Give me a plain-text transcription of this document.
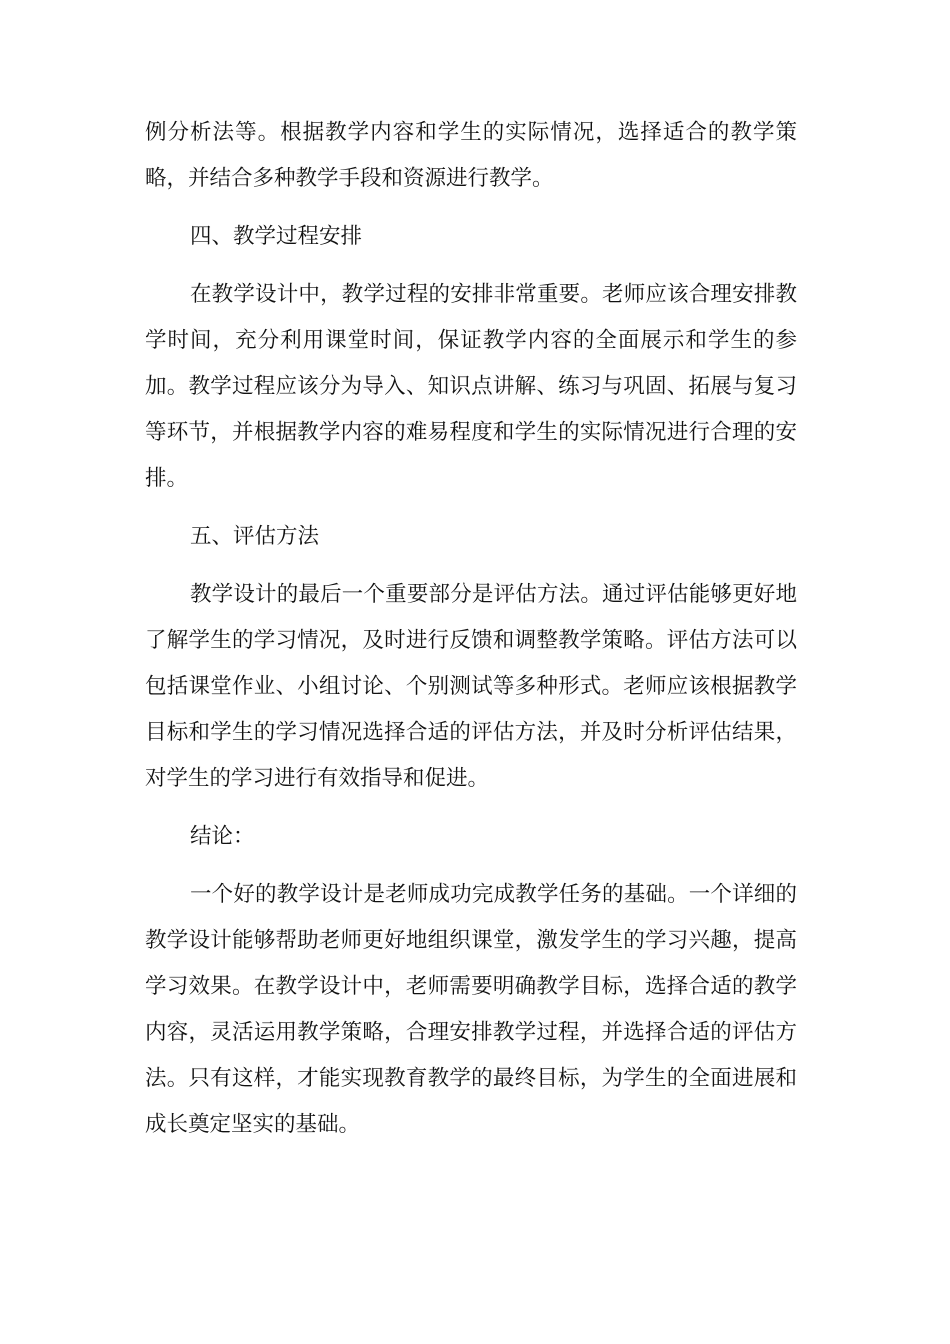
例分析法等。根据教学内容和学生的实际情况，选择适合的教学策略，并结合多种教学手段和资源进行教学。

四、教学过程安排

在教学设计中，教学过程的安排非常重要。老师应该合理安排教学时间，充分利用课堂时间，保证教学内容的全面展示和学生的参加。教学过程应该分为导入、知识点讲解、练习与巩固、拓展与复习等环节，并根据教学内容的难易程度和学生的实际情况进行合理的安排。

五、评估方法

教学设计的最后一个重要部分是评估方法。通过评估能够更好地了解学生的学习情况，及时进行反馈和调整教学策略。评估方法可以包括课堂作业、小组讨论、个别测试等多种形式。老师应该根据教学目标和学生的学习情况选择合适的评估方法，并及时分析评估结果，对学生的学习进行有效指导和促进。

结论：

一个好的教学设计是老师成功完成教学任务的基础。一个详细的教学设计能够帮助老师更好地组织课堂，激发学生的学习兴趣，提高学习效果。在教学设计中，老师需要明确教学目标，选择合适的教学内容，灵活运用教学策略，合理安排教学过程，并选择合适的评估方法。只有这样，才能实现教育教学的最终目标，为学生的全面进展和成长奠定坚实的基础。
